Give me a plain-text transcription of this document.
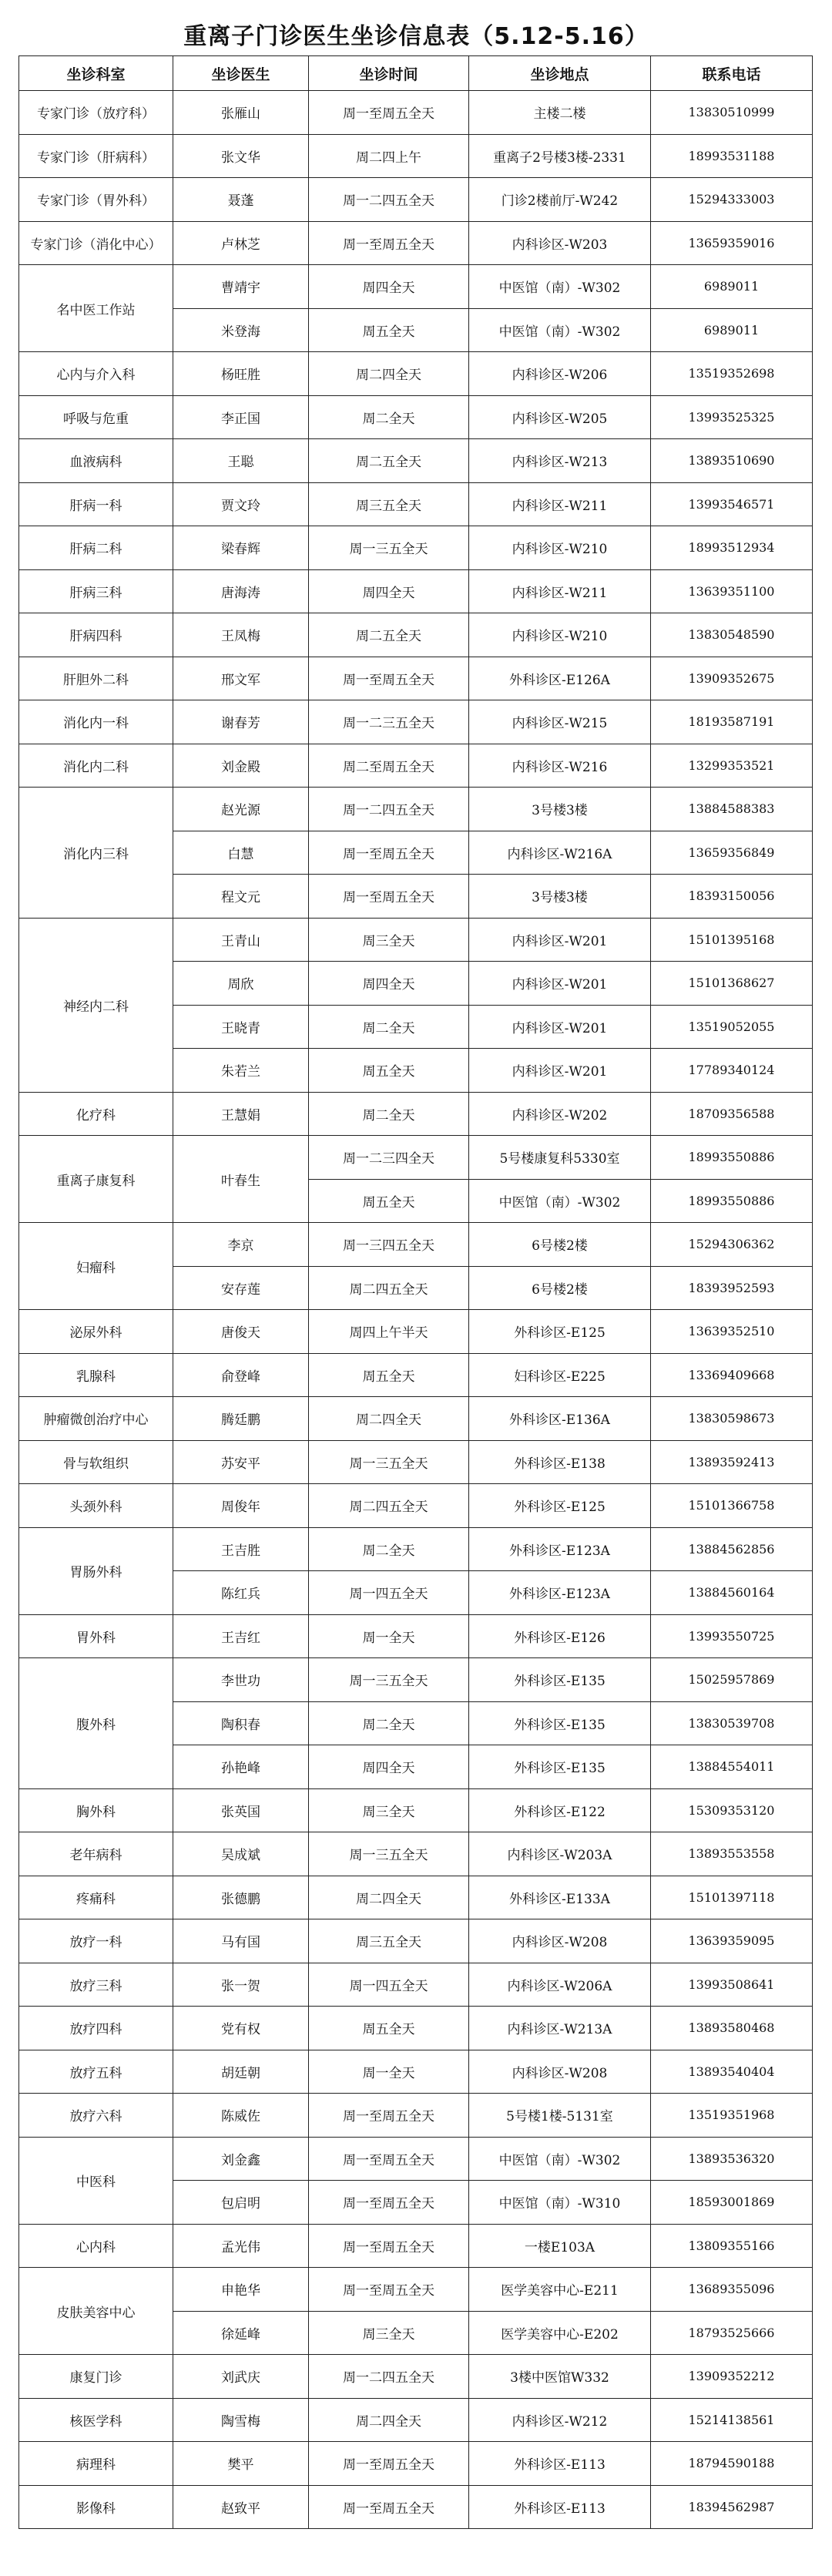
重离子门诊医生坐诊信息表（5.12-5.16）
坐诊科室	坐诊医生	坐诊时间	坐诊地点	联系电话
专家门诊（放疗科）	张雁山	周一至周五全天	主楼二楼	13830510999
专家门诊（肝病科）	张文华	周二四上午	重离子2号楼3楼-2331	18993531188
专家门诊（胃外科）	聂蓬	周一二四五全天	门诊2楼前厅-W242	15294333003
专家门诊（消化中心）	卢林芝	周一至周五全天	内科诊区-W203	13659359016
名中医工作站	曹靖宇	周四全天	中医馆（南）-W302	6989011
	米登海	周五全天	中医馆（南）-W302	6989011
心内与介入科	杨旺胜	周二四全天	内科诊区-W206	13519352698
呼吸与危重	李正国	周二全天	内科诊区-W205	13993525325
血液病科	王聪	周二五全天	内科诊区-W213	13893510690
肝病一科	贾文玲	周三五全天	内科诊区-W211	13993546571
肝病二科	梁春辉	周一三五全天	内科诊区-W210	18993512934
肝病三科	唐海涛	周四全天	内科诊区-W211	13639351100
肝病四科	王凤梅	周二五全天	内科诊区-W210	13830548590
肝胆外二科	邢文军	周一至周五全天	外科诊区-E126A	13909352675
消化内一科	谢春芳	周一二三五全天	内科诊区-W215	18193587191
消化内二科	刘金殿	周二至周五全天	内科诊区-W216	13299353521
消化内三科	赵光源	周一二四五全天	3号楼3楼	13884588383
	白慧	周一至周五全天	内科诊区-W216A	13659356849
	程文元	周一至周五全天	3号楼3楼	18393150056
神经内二科	王青山	周三全天	内科诊区-W201	15101395168
	周欣	周四全天	内科诊区-W201	15101368627
	王晓青	周二全天	内科诊区-W201	13519052055
	朱若兰	周五全天	内科诊区-W201	17789340124
化疗科	王慧娟	周二全天	内科诊区-W202	18709356588
重离子康复科	叶春生	周一二三四全天	5号楼康复科5330室	18993550886
		周五全天	中医馆（南）-W302	18993550886
妇瘤科	李京	周一三四五全天	6号楼2楼	15294306362
	安存莲	周二四五全天	6号楼2楼	18393952593
泌尿外科	唐俊天	周四上午半天	外科诊区-E125	13639352510
乳腺科	俞登峰	周五全天	妇科诊区-E225	13369409668
肿瘤微创治疗中心	腾廷鹏	周二四全天	外科诊区-E136A	13830598673
骨与软组织	苏安平	周一三五全天	外科诊区-E138	13893592413
头颈外科	周俊年	周二四五全天	外科诊区-E125	15101366758
胃肠外科	王吉胜	周二全天	外科诊区-E123A	13884562856
	陈红兵	周一四五全天	外科诊区-E123A	13884560164
胃外科	王吉红	周一全天	外科诊区-E126	13993550725
腹外科	李世功	周一三五全天	外科诊区-E135	15025957869
	陶积春	周二全天	外科诊区-E135	13830539708
	孙艳峰	周四全天	外科诊区-E135	13884554011
胸外科	张英国	周三全天	外科诊区-E122	15309353120
老年病科	吴成斌	周一三五全天	内科诊区-W203A	13893553558
疼痛科	张德鹏	周二四全天	外科诊区-E133A	15101397118
放疗一科	马有国	周三五全天	内科诊区-W208	13639359095
放疗三科	张一贺	周一四五全天	内科诊区-W206A	13993508641
放疗四科	党有权	周五全天	内科诊区-W213A	13893580468
放疗五科	胡廷朝	周一全天	内科诊区-W208	13893540404
放疗六科	陈威佐	周一至周五全天	5号楼1楼-5131室	13519351968
中医科	刘金鑫	周一至周五全天	中医馆（南）-W302	13893536320
	包启明	周一至周五全天	中医馆（南）-W310	18593001869
心内科	孟光伟	周一至周五全天	一楼E103A	13809355166
皮肤美容中心	申艳华	周一至周五全天	医学美容中心-E211	13689355096
	徐延峰	周三全天	医学美容中心-E202	18793525666
康复门诊	刘武庆	周一二四五全天	3楼中医馆W332	13909352212
核医学科	陶雪梅	周二四全天	内科诊区-W212	15214138561
病理科	樊平	周一至周五全天	外科诊区-E113	18794590188
影像科	赵致平	周一至周五全天	外科诊区-E113	18394562987
